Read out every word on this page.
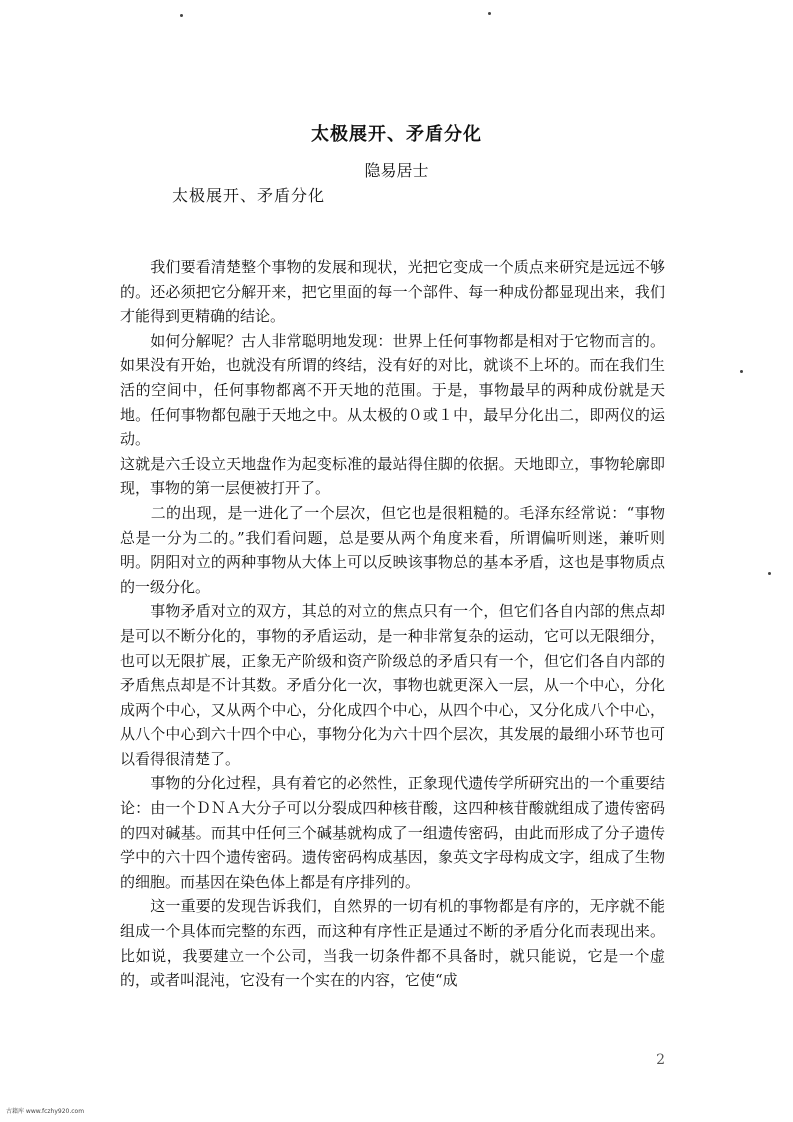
太极展开、矛盾分化
隐易居士
太极展开、矛盾分化

　　我们要看清楚整个事物的发展和现状，光把它变成一个质点来研究是远远不够的。还必须把它分解开来，把它里面的每一个部件、每一种成份都显现出来，我们才能得到更精确的结论。

　　如何分解呢？古人非常聪明地发现：世界上任何事物都是相对于它物而言的。如果没有开始，也就没有所谓的终结，没有好的对比，就谈不上坏的。而在我们生活的空间中，任何事物都离不开天地的范围。于是，事物最早的两种成份就是天地。任何事物都包融于天地之中。从太极的０或１中，最早分化出二，即两仪的运动。

这就是六壬设立天地盘作为起变标准的最站得住脚的依据。天地即立，事物轮廓即现，事物的第一层便被打开了。

　　二的出现，是一进化了一个层次，但它也是很粗糙的。毛泽东经常说：“事物总是一分为二的。”我们看问题，总是要从两个角度来看，所谓偏听则迷，兼听则明。阴阳对立的两种事物从大体上可以反映该事物总的基本矛盾，这也是事物质点的一级分化。

　　事物矛盾对立的双方，其总的对立的焦点只有一个，但它们各自内部的焦点却是可以不断分化的，事物的矛盾运动，是一种非常复杂的运动，它可以无限细分，也可以无限扩展，正象无产阶级和资产阶级总的矛盾只有一个，但它们各自内部的矛盾焦点却是不计其数。矛盾分化一次，事物也就更深入一层，从一个中心，分化成两个中心，又从两个中心，分化成四个中心，从四个中心，又分化成八个中心，从八个中心到六十四个中心，事物分化为六十四个层次，其发展的最细小环节也可以看得很清楚了。

　　事物的分化过程，具有着它的必然性，正象现代遗传学所研究出的一个重要结论：由一个ＤＮＡ大分子可以分裂成四种核苷酸，这四种核苷酸就组成了遗传密码的四对碱基。而其中任何三个碱基就构成了一组遗传密码，由此而形成了分子遗传学中的六十四个遗传密码。遗传密码构成基因，象英文字母构成文字，组成了生物的细胞。而基因在染色体上都是有序排列的。

　　这一重要的发现告诉我们，自然界的一切有机的事物都是有序的，无序就不能组成一个具体而完整的东西，而这种有序性正是通过不断的矛盾分化而表现出来。比如说，我要建立一个公司，当我一切条件都不具备时，就只能说，它是一个虚的，或者叫混沌，它没有一个实在的内容，它使“成

2
古籍库 www.fczhy920.com
